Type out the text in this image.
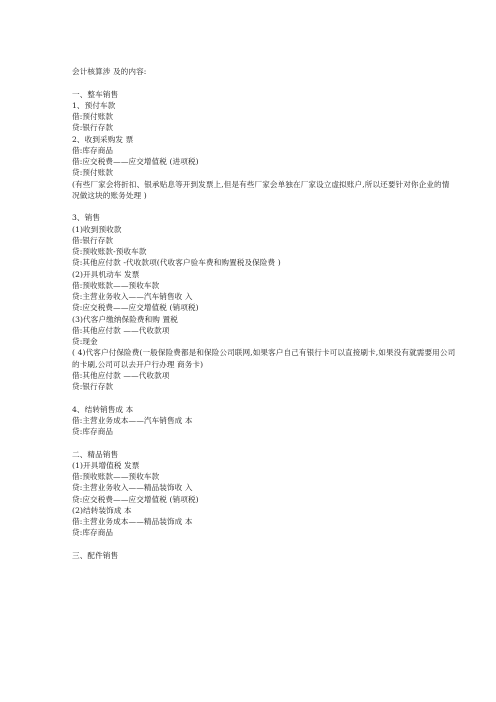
会计核算涉 及的内容:
一、整车销售
1、预付车款
借:预付账款
贷:银行存款
2、收到采购发 票
借:库存商品
借:应交税费——应交增值税 (进项税)
贷:预付账款
(有些厂家会将折扣、银承贴息等开到发票上,但是有些厂家会单独在厂家设立虚拟账户,所以还要针对你企业的情况做这块的账务处理 )
3、销售
(1)收到预收款
借:银行存款
贷:预收账款-预收车款
贷:其他应付款 -代收款项(代收客户验车费和购置税及保险费 )
(2)开具机动车 发票
借:预收账款——预收车款
贷:主营业务收入——汽车销售收 入
贷:应交税费——应交增值税 (销项税)
(3)代客户缴纳保险费和购 置税
借:其他应付款 ——代收款项
贷:现金
( 4)代客户付保险费(一般保险费都是和保险公司联网,如果客户自己有银行卡可以直接刷卡,如果没有就需要用公司的卡刷,公司可以去开户行办理 商务卡)
借:其他应付款 ——代收款项
贷:银行存款
4、结转销售成 本
借:主营业务成本——汽车销售成 本
贷:库存商品
二、精品销售
(1)开具增值税 发票
借:预收账款——预收车款
贷:主营业务收入——精品装饰收 入
贷:应交税费——应交增值税 (销项税)
(2)结转装饰成 本
借:主营业务成本——精品装饰成 本
贷:库存商品
三、配件销售
